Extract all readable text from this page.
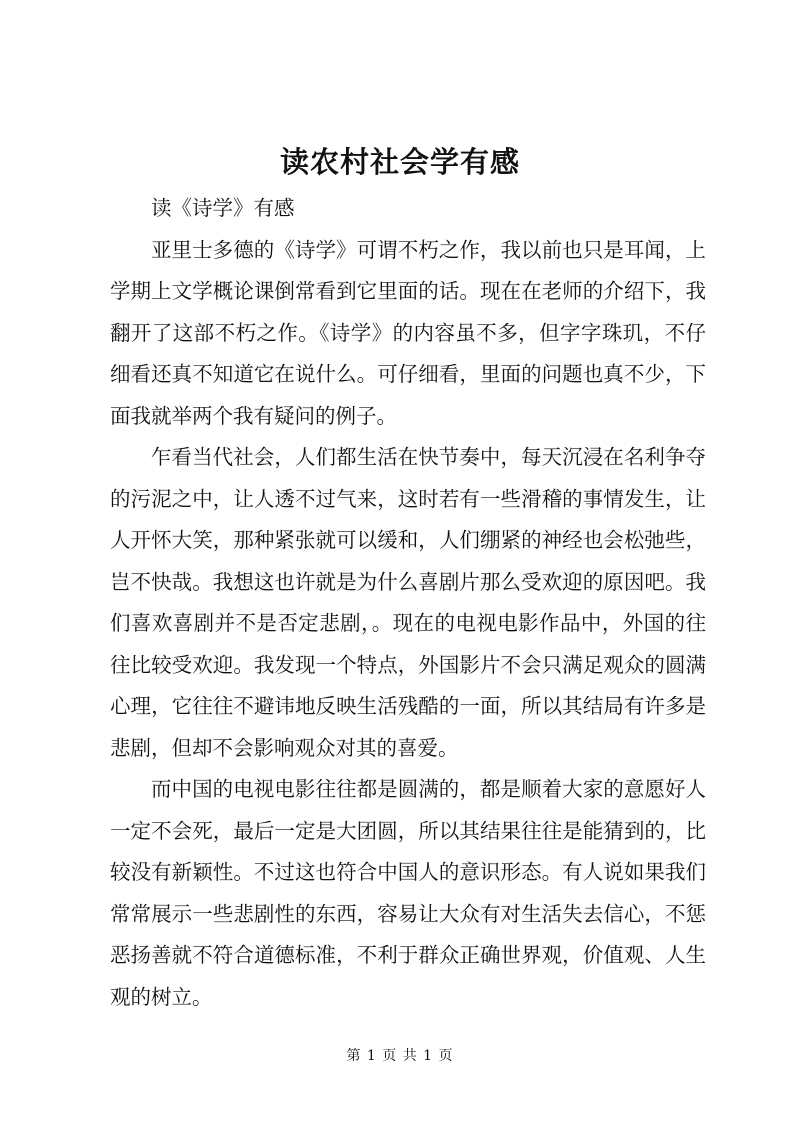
读农村社会学有感

读《诗学》有感

亚里士多德的《诗学》可谓不朽之作，我以前也只是耳闻，上学期上文学概论课倒常看到它里面的话。现在在老师的介绍下，我翻开了这部不朽之作。《诗学》的内容虽不多，但字字珠玑，不仔细看还真不知道它在说什么。可仔细看，里面的问题也真不少，下面我就举两个我有疑问的例子。

乍看当代社会，人们都生活在快节奏中，每天沉浸在名利争夺的污泥之中，让人透不过气来，这时若有一些滑稽的事情发生，让人开怀大笑，那种紧张就可以缓和，人们绷紧的神经也会松弛些，岂不快哉。我想这也许就是为什么喜剧片那么受欢迎的原因吧。我们喜欢喜剧并不是否定悲剧，。现在的电视电影作品中，外国的往往比较受欢迎。我发现一个特点，外国影片不会只满足观众的圆满心理，它往往不避讳地反映生活残酷的一面，所以其结局有许多是悲剧，但却不会影响观众对其的喜爱。

而中国的电视电影往往都是圆满的，都是顺着大家的意愿好人一定不会死，最后一定是大团圆，所以其结果往往是能猜到的，比较没有新颖性。不过这也符合中国人的意识形态。有人说如果我们常常展示一些悲剧性的东西，容易让大众有对生活失去信心，不惩恶扬善就不符合道德标准，不利于群众正确世界观，价值观、人生观的树立。

第 1 页 共 1 页
